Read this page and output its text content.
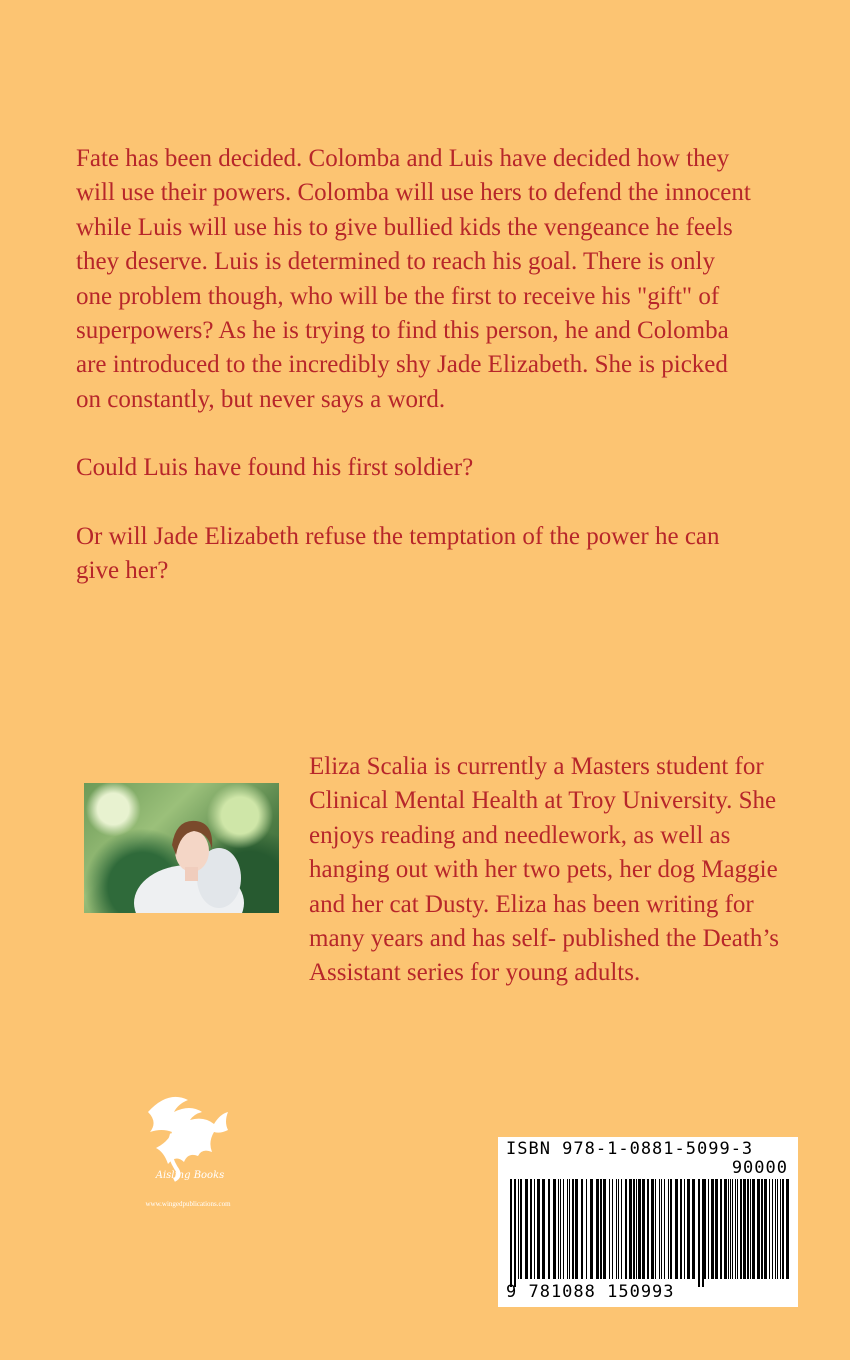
Fate has been decided. Colomba and Luis have decided how they will use their powers. Colomba will use hers to defend the innocent while Luis will use his to give bullied kids the vengeance he feels they deserve. Luis is determined to reach his goal. There is only one problem though, who will be the first to receive his "gift" of superpowers? As he is trying to find this person, he and Colomba are introduced to the incredibly shy Jade Elizabeth. She is picked on constantly, but never says a word.

Could Luis have found his first soldier?

Or will Jade Elizabeth refuse the temptation of the power he can give her?

Eliza Scalia is currently a Masters student for Clinical Mental Health at Troy University. She enjoys reading and needlework, as well as hanging out with her two pets, her dog Maggie and her cat Dusty. Eliza has been writing for many years and has self- published the Death’s Assistant series for young adults.
Aisling Books
www.wingedpublications.com
ISBN 978-1-0881-5099-3
90000
9 781088 150993
